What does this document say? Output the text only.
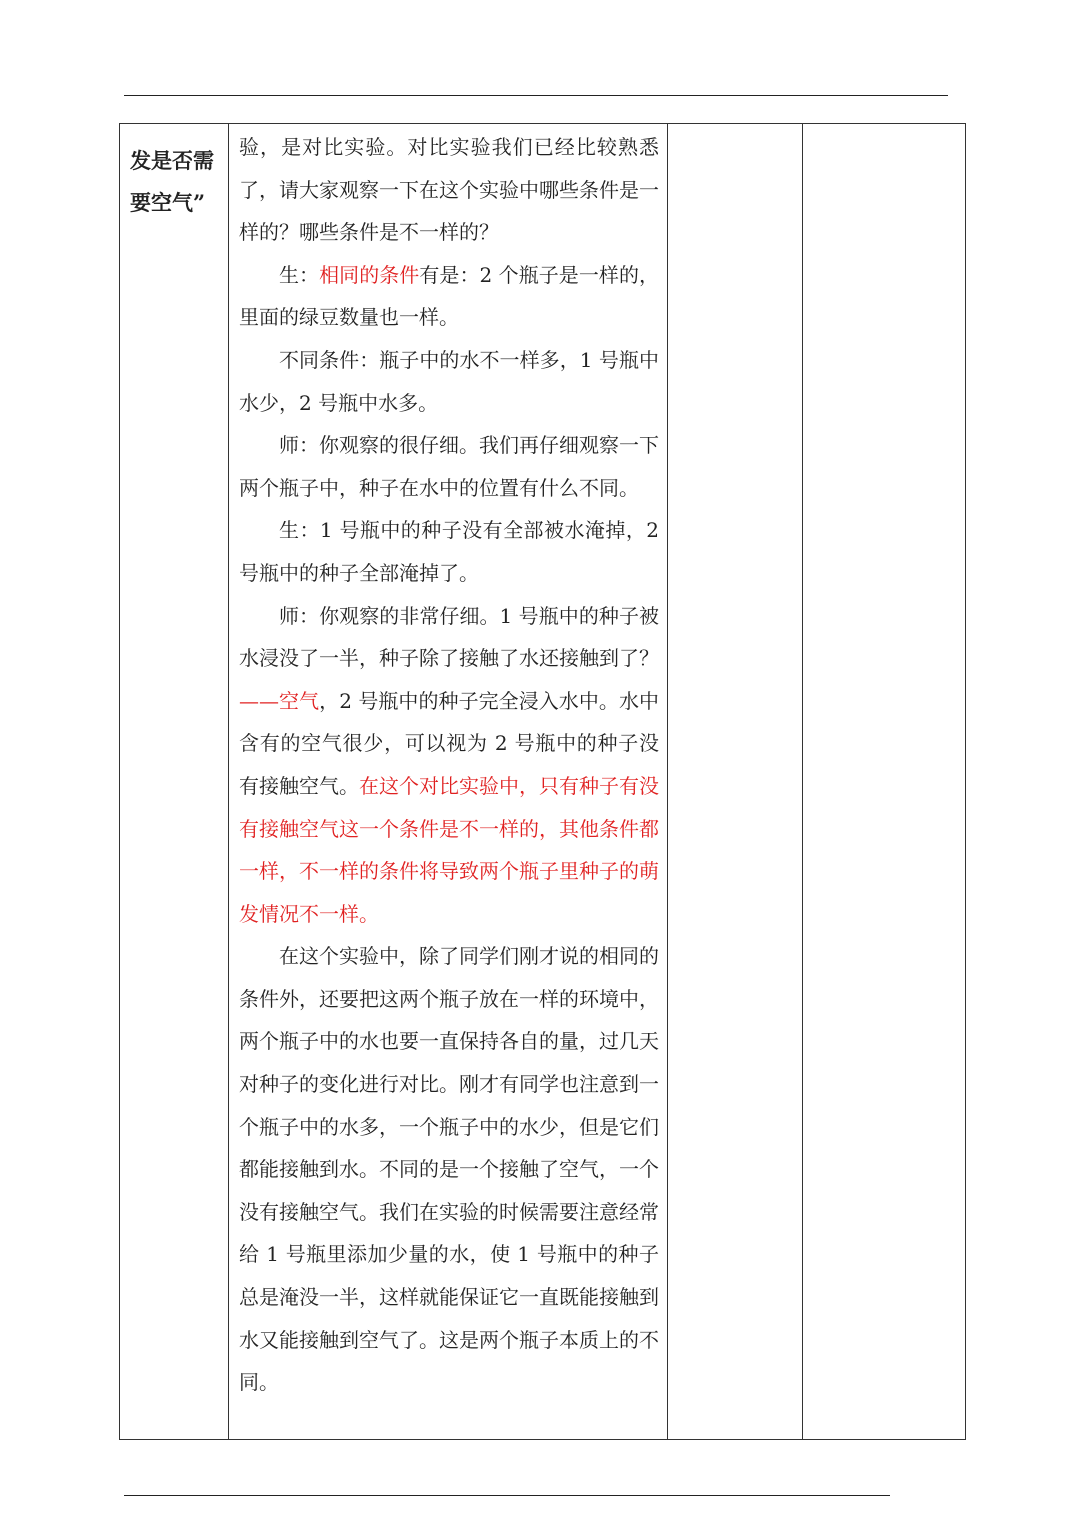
发是否需
要空气”

验，是对比实验。对比实验我们已经比较熟悉了，请大家观察一下在这个实验中哪些条件是一样的？哪些条件是不一样的？

生：相同的条件有是：2 个瓶子是一样的，里面的绿豆数量也一样。

不同条件：瓶子中的水不一样多，1 号瓶中水少，2 号瓶中水多。

师：你观察的很仔细。我们再仔细观察一下两个瓶子中，种子在水中的位置有什么不同。

生：1 号瓶中的种子没有全部被水淹掉，2 号瓶中的种子全部淹掉了。

师：你观察的非常仔细。1 号瓶中的种子被水浸没了一半，种子除了接触了水还接触到了？——空气，2 号瓶中的种子完全浸入水中。水中含有的空气很少，可以视为 2 号瓶中的种子没有接触空气。在这个对比实验中，只有种子有没有接触空气这一个条件是不一样的，其他条件都一样，不一样的条件将导致两个瓶子里种子的萌发情况不一样。

在这个实验中，除了同学们刚才说的相同的条件外，还要把这两个瓶子放在一样的环境中，两个瓶子中的水也要一直保持各自的量，过几天对种子的变化进行对比。刚才有同学也注意到一个瓶子中的水多，一个瓶子中的水少，但是它们都能接触到水。不同的是一个接触了空气，一个没有接触空气。我们在实验的时候需要注意经常给 1 号瓶里添加少量的水，使 1 号瓶中的种子总是淹没一半，这样就能保证它一直既能接触到水又能接触到空气了。这是两个瓶子本质上的不同。
